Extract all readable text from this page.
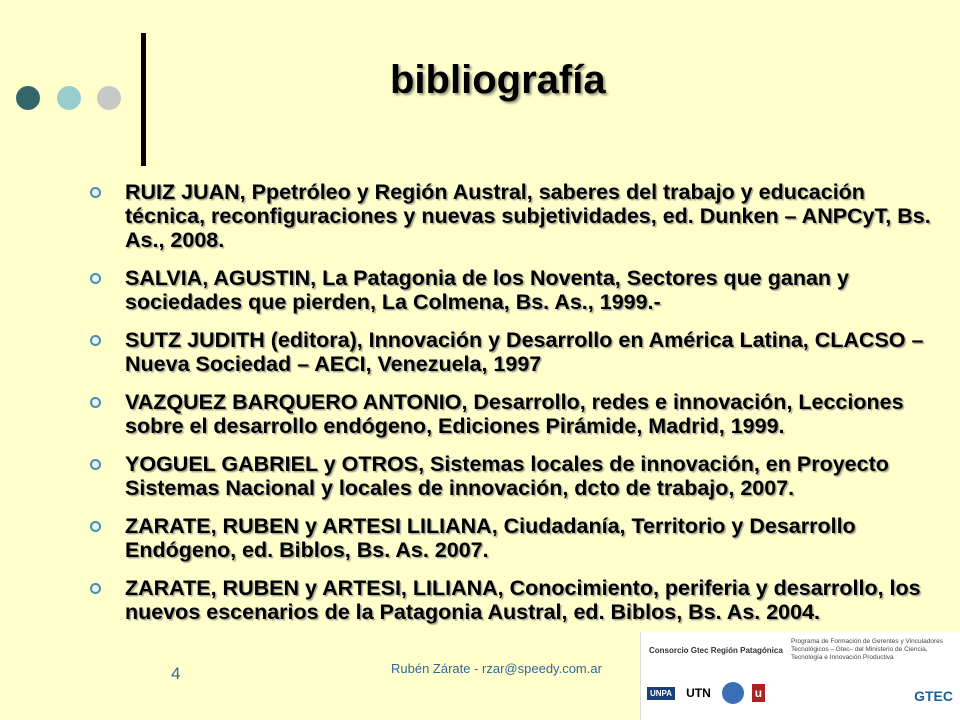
bibliografía
RUIZ JUAN, Ppetróleo y Región Austral, saberes del trabajo y educación técnica, reconfiguraciones y nuevas subjetividades, ed. Dunken – ANPCyT, Bs. As., 2008.
SALVIA, AGUSTIN, La Patagonia de los Noventa, Sectores que ganan y sociedades que pierden, La Colmena, Bs. As., 1999.-
SUTZ JUDITH (editora), Innovación y Desarrollo en América Latina, CLACSO – Nueva Sociedad – AECI, Venezuela, 1997
VAZQUEZ BARQUERO ANTONIO, Desarrollo, redes e innovación, Lecciones sobre el desarrollo endógeno, Ediciones Pirámide, Madrid, 1999.
YOGUEL GABRIEL y OTROS, Sistemas locales de innovación, en Proyecto Sistemas Nacional y locales de innovación, dcto de trabajo, 2007.
ZARATE, RUBEN y ARTESI LILIANA, Ciudadanía, Territorio y Desarrollo Endógeno, ed. Biblos, Bs. As. 2007.
ZARATE, RUBEN y ARTESI, LILIANA, Conocimiento, periferia y desarrollo, los nuevos escenarios de la Patagonia Austral, ed. Biblos, Bs. As. 2004.
4	Rubén Zárate - rzar@speedy.com.ar
Consorcio Gtec Región Patagónica
Programa de Formación de Gerentes y Vinculadores Tecnológicos – Gtec– del Ministerio de Ciencia, Tecnología e Innovación Productiva
UNPA UTN	u	GTEC
